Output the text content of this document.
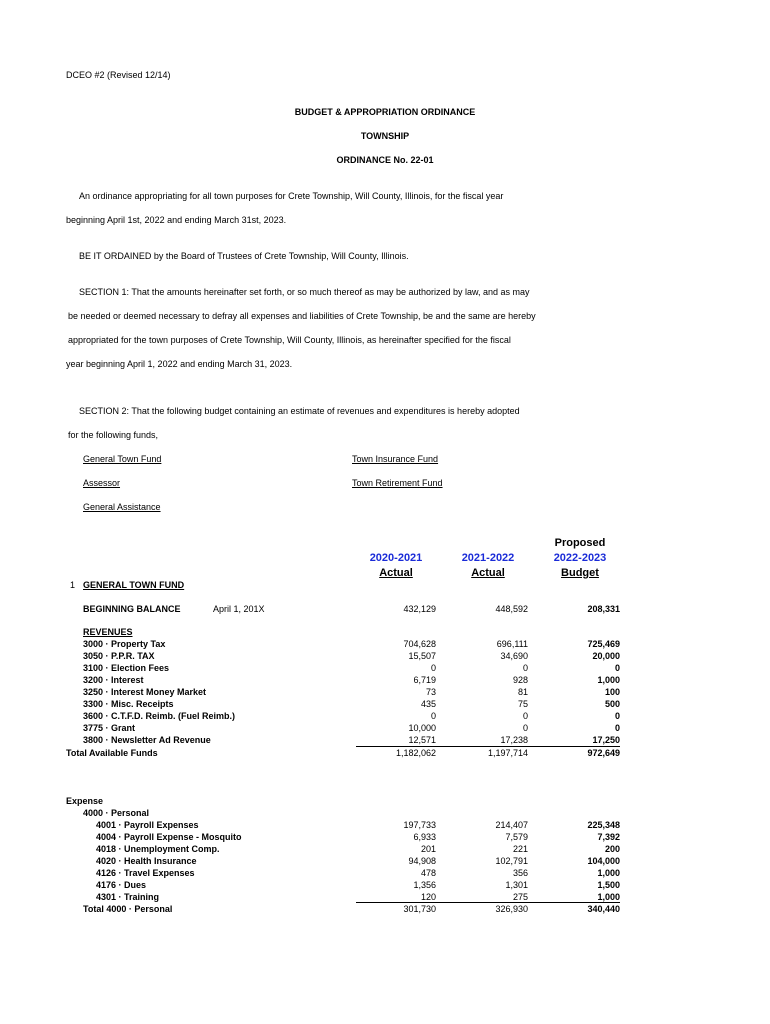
DCEO #2 (Revised 12/14)
BUDGET & APPROPRIATION ORDINANCE
TOWNSHIP
ORDINANCE No. 22-01
An ordinance appropriating for all town purposes for Crete Township, Will County, Illinois, for the fiscal year
beginning April 1st, 2022 and ending March 31st, 2023.
BE IT ORDAINED by the Board of Trustees of Crete Township, Will County, Illinois.
SECTION 1: That the amounts hereinafter set forth, or so much thereof as may be authorized by law, and as may
be needed or deemed necessary to defray all expenses and liabilities of Crete Township, be and the same are hereby
appropriated for the town purposes of Crete Township, Will County, Illinois, as hereinafter specified for the fiscal
year beginning April 1, 2022 and ending March 31, 2023.
SECTION 2: That the following budget containing an estimate of revenues and expenditures is hereby adopted
for the following funds,
General Town Fund	Town Insurance Fund
Assessor	Town Retirement Fund
General Assistance
Proposed
2020-2021	2021-2022	2022-2023
Actual	Actual	Budget
1 GENERAL TOWN FUND
BEGINNING BALANCE	April 1, 201X	432,129	448,592	208,331
REVENUES
3000 · Property Tax	704,628	696,111	725,469
3050 · P.P.R. TAX	15,507	34,690	20,000
3100 · Election Fees	0	0	0
3200 · Interest	6,719	928	1,000
3250 · Interest Money Market	73	81	100
3300 · Misc. Receipts	435	75	500
3600 · C.T.F.D. Reimb. (Fuel Reimb.)	0	0	0
3775 · Grant	10,000	0	0
3800 · Newsletter Ad Revenue	12,571	17,238	17,250
Total Available Funds	1,182,062	1,197,714	972,649
Expense
4000 · Personal
4001 · Payroll Expenses	197,733	214,407	225,348
4004 · Payroll Expense - Mosquito	6,933	7,579	7,392
4018 · Unemployment Comp.	201	221	200
4020 · Health Insurance	94,908	102,791	104,000
4126 · Travel Expenses	478	356	1,000
4176 · Dues	1,356	1,301	1,500
4301 · Training	120	275	1,000
Total 4000 · Personal	301,730	326,930	340,440
